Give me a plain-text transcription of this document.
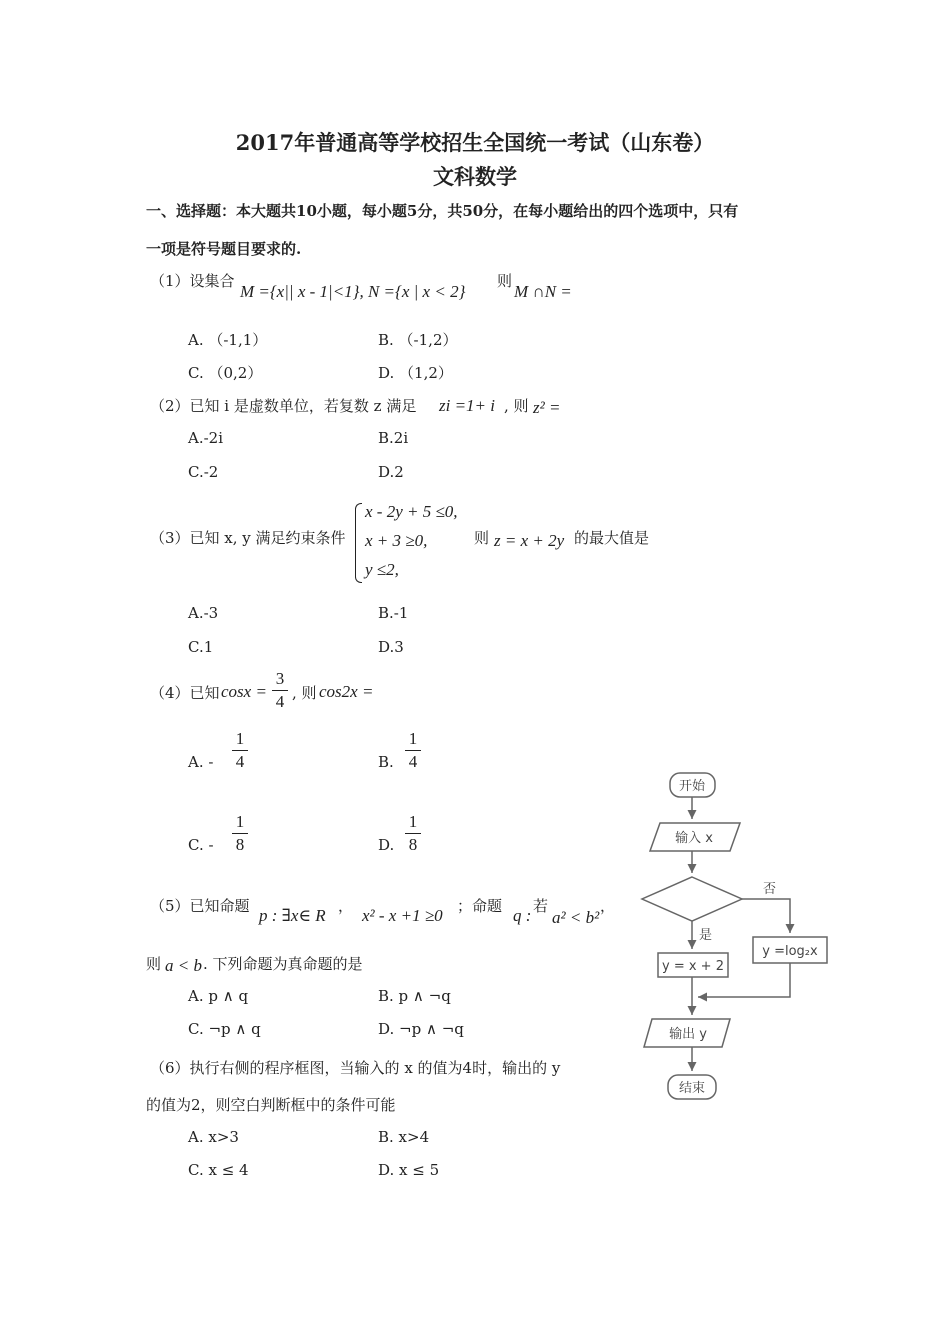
2017年普通高等学校招生全国统一考试（山东卷）
文科数学
一、选择题：本大题共10小题，每小题5分，共50分，在每小题给出的四个选项中，只有
一项是符号题目要求的.
（1）设集合
M ={x|| x - 1|<1}, N ={x | x < 2}
则
M ∩N =
A. （-1,1）	B. （-1,2）
C. （0,2）	D. （1,2）
（2）已知 i 是虚数单位，若复数 z 满足 zi =1+ i , 则 z² =
A.-2i	B.2i
C.-2	D.2
（3）已知 x, y 满足约束条件
x - 2y + 5 ≤0,
x + 3 ≥0,
y ≤2,
则 z = x + 2y 的最大值是
A.-3	B.-1
C.1	D.3
（4）已知 cosx =
3
4 , 则 cos2x =
A. -
1
4	B.
1
4
C. -
1
8	D.
1
8
（5）已知命题 p : ∃x∈ R ， x² - x +1 ≥0 ；命题 q : 若
a² < b²
，
则 a < b . 下列命题为真命题的是
A. p ∧ q	B. p ∧ ¬q
C. ¬p ∧ q	D. ¬p ∧ ¬q
（6）执行右侧的程序框图，当输入的 x 的值为4时，输出的 y
的值为2，则空白判断框中的条件可能
A. x>3	B. x>4
C. x ≤ 4	D. x ≤ 5
开始
输入 x
否
是
y = x + 2
y =log₂x
输出 y
结束
